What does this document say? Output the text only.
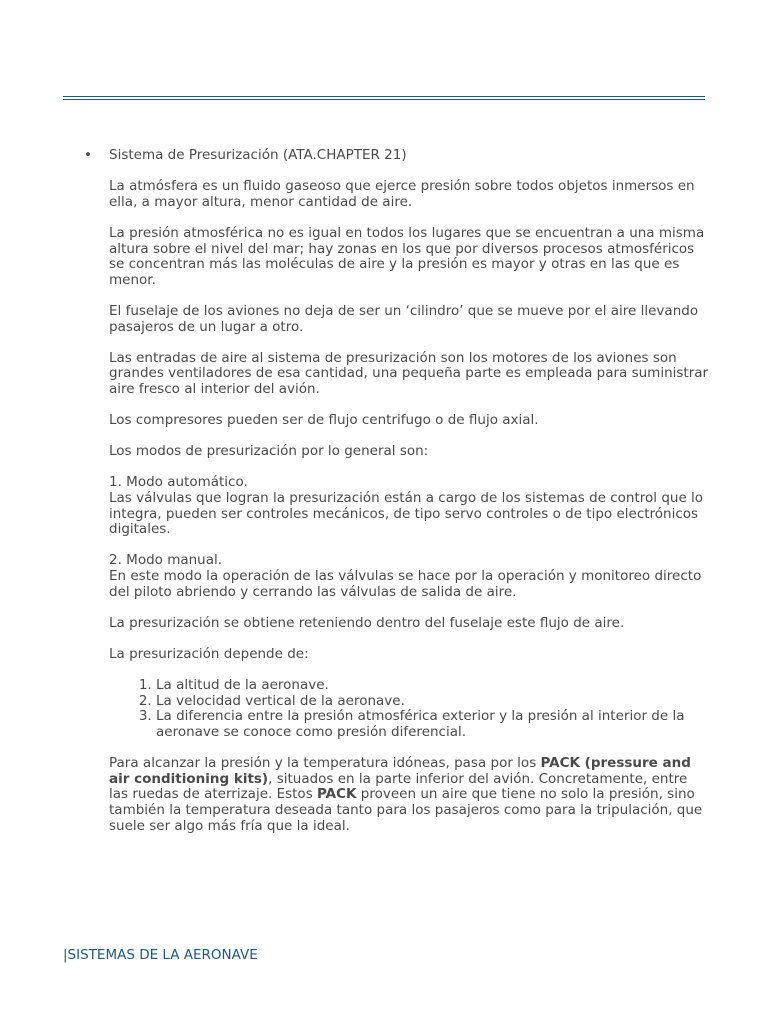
• Sistema de Presurización (ATA.CHAPTER 21)

La atmósfera es un fluido gaseoso que ejerce presión sobre todos objetos inmersos en ella, a mayor altura, menor cantidad de aire.

La presión atmosférica no es igual en todos los lugares que se encuentran a una misma altura sobre el nivel del mar; hay zonas en los que por diversos procesos atmosféricos se concentran más las moléculas de aire y la presión es mayor y otras en las que es menor.

El fuselaje de los aviones no deja de ser un ‘cilindro’ que se mueve por el aire llevando pasajeros de un lugar a otro.

Las entradas de aire al sistema de presurización son los motores de los aviones son grandes ventiladores de esa cantidad, una pequeña parte es empleada para suministrar aire fresco al interior del avión.

Los compresores pueden ser de flujo centrifugo o de flujo axial.

Los modos de presurización por lo general son:

1. Modo automático.

Las válvulas que logran la presurización están a cargo de los sistemas de control que lo integra, pueden ser controles mecánicos, de tipo servo controles o de tipo electrónicos digitales.

2. Modo manual.

En este modo la operación de las válvulas se hace por la operación y monitoreo directo del piloto abriendo y cerrando las válvulas de salida de aire.

La presurización se obtiene reteniendo dentro del fuselaje este flujo de aire.

La presurización depende de:

1. La altitud de la aeronave.
2. La velocidad vertical de la aeronave.
3. La diferencia entre la presión atmosférica exterior y la presión al interior de la aeronave se conoce como presión diferencial.

Para alcanzar la presión y la temperatura idóneas, pasa por los PACK (pressure and air conditioning kits), situados en la parte inferior del avión. Concretamente, entre las ruedas de aterrizaje. Estos PACK proveen un aire que tiene no solo la presión, sino también la temperatura deseada tanto para los pasajeros como para la tripulación, que suele ser algo más fría que la ideal.

|SISTEMAS DE LA AERONAVE
